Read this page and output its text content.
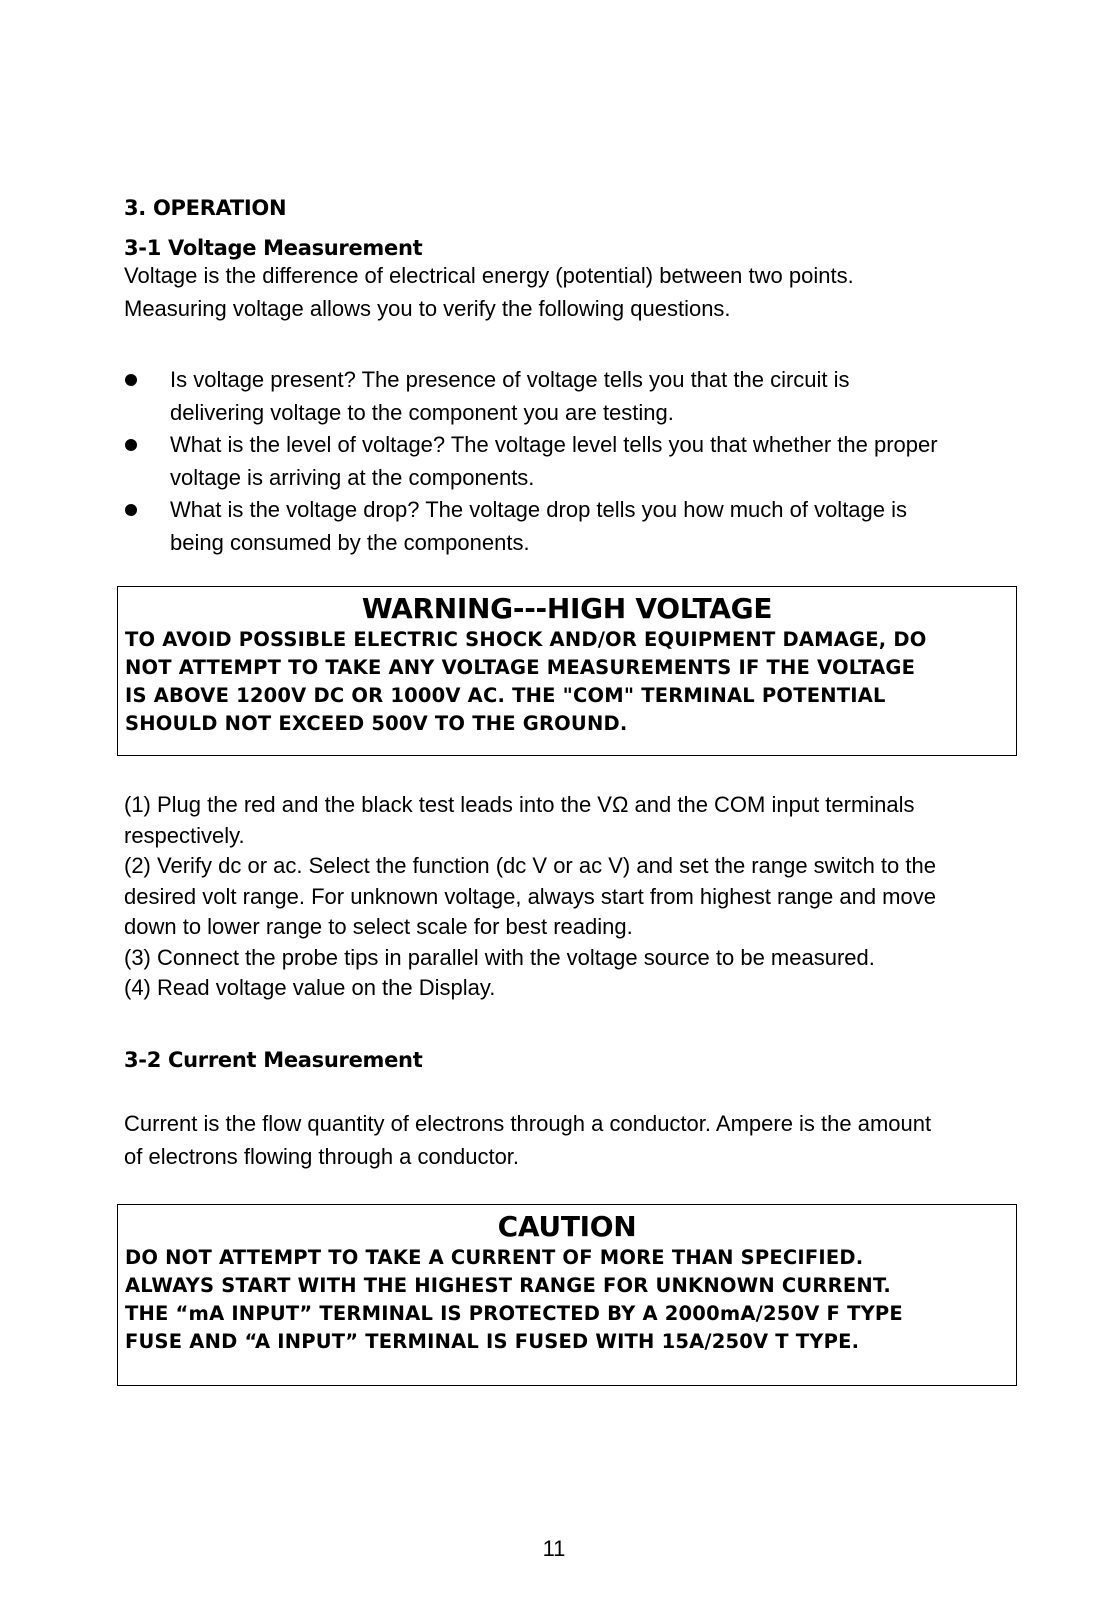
3. OPERATION
3-1 Voltage Measurement

Voltage is the difference of electrical energy (potential) between two points.

Measuring voltage allows you to verify the following questions.

Is voltage present? The presence of voltage tells you that the circuit is
delivering voltage to the component you are testing.
What is the level of voltage? The voltage level tells you that whether the proper
voltage is arriving at the components.
What is the voltage drop? The voltage drop tells you how much of voltage is
being consumed by the components.
WARNING---HIGH VOLTAGE

TO AVOID POSSIBLE ELECTRIC SHOCK AND/OR EQUIPMENT DAMAGE, DO

NOT ATTEMPT TO TAKE ANY VOLTAGE MEASUREMENTS IF THE VOLTAGE

IS ABOVE 1200V DC OR 1000V AC. THE "COM" TERMINAL POTENTIAL

SHOULD NOT EXCEED 500V TO THE GROUND.

(1) Plug the red and the black test leads into the VΩ and the COM input terminals

respectively.

(2) Verify dc or ac. Select the function (dc V or ac V) and set the range switch to the

desired volt range. For unknown voltage, always start from highest range and move

down to lower range to select scale for best reading.

(3) Connect the probe tips in parallel with the voltage source to be measured.

(4) Read voltage value on the Display.

3-2 Current Measurement

Current is the flow quantity of electrons through a conductor. Ampere is the amount

of electrons flowing through a conductor.

CAUTION

DO NOT ATTEMPT TO TAKE A CURRENT OF MORE THAN SPECIFIED.

ALWAYS START WITH THE HIGHEST RANGE FOR UNKNOWN CURRENT.

THE “mA INPUT” TERMINAL IS PROTECTED BY A 2000mA/250V F TYPE

FUSE AND “A INPUT” TERMINAL IS FUSED WITH 15A/250V T TYPE.

11
